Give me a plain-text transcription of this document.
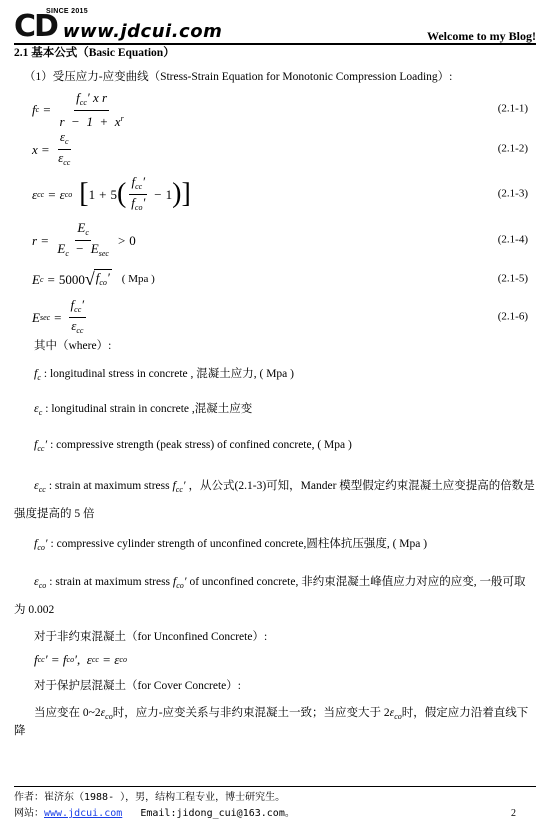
CD
SINCE 2015
www.jdcui.com	Welcome to my Blog!

2.1 基本公式（Basic Equation）

（1）受压应力-应变曲线（Stress-Strain Equation for Monotonic Compression Loading）:

f $c = \frac{f_{cc}' x r}{r - 1 + x^r}$	(2.1-1)
$x = \frac{\varepsilon_c}{\varepsilon_{cc}}$	(2.1-2)
ε cc = ε co [ 1 + 5 ( $\frac{f_{cc}'}{f_{co}'} - 1$ )]	(2.1-3)
$r = \frac{E_c}{E_c - E_{sec}} > 0$	(2.1-4)
E c = 5000 √ $f_{co}'$ ( Mpa )	(2.1-5)
E $\sec = \frac{f_{cc}'}{\varepsilon_{cc}}$	(2.1-6)

其中（where）:

$f_c$ : longitudinal stress in concrete , 混凝土应力, ( Mpa )

$\varepsilon_c$ : longitudinal strain in concrete ,混凝土应变

$f_{cc}'$ : compressive strength (peak stress) of confined concrete, ( Mpa )

$\varepsilon_{cc}$ : strain at maximum stress $f_{cc}'$ ，从公式(2.1-3)可知，Mander 模型假定约束混凝土应变提高的倍数是强度提高的 5 倍

$f_{co}'$ : compressive cylinder strength of unconfined concrete,圆柱体抗压强度, ( Mpa )

$\varepsilon_{co}$ : strain at maximum stress $f_{co}'$ of unconfined concrete, 非约束混凝土峰值应力对应的应变, 一般可取为 0.002

对于非约束混凝土（for Unconfined Concrete）:

f cc ′ = f co ′ , ε cc = ε co

对于保护层混凝土（for Cover Concrete）:

当应变在 $0\sim 2\varepsilon_{co}$时，应力-应变关系与非约束混凝土一致；当应变大于 $2\varepsilon_{co}$时，假定应力沿着直线下降

作者：崔济东（1988- ），男，结构工程专业，博士研究生。
网站：www.jdcui.com Email:jidong_cui@163.com。	2
